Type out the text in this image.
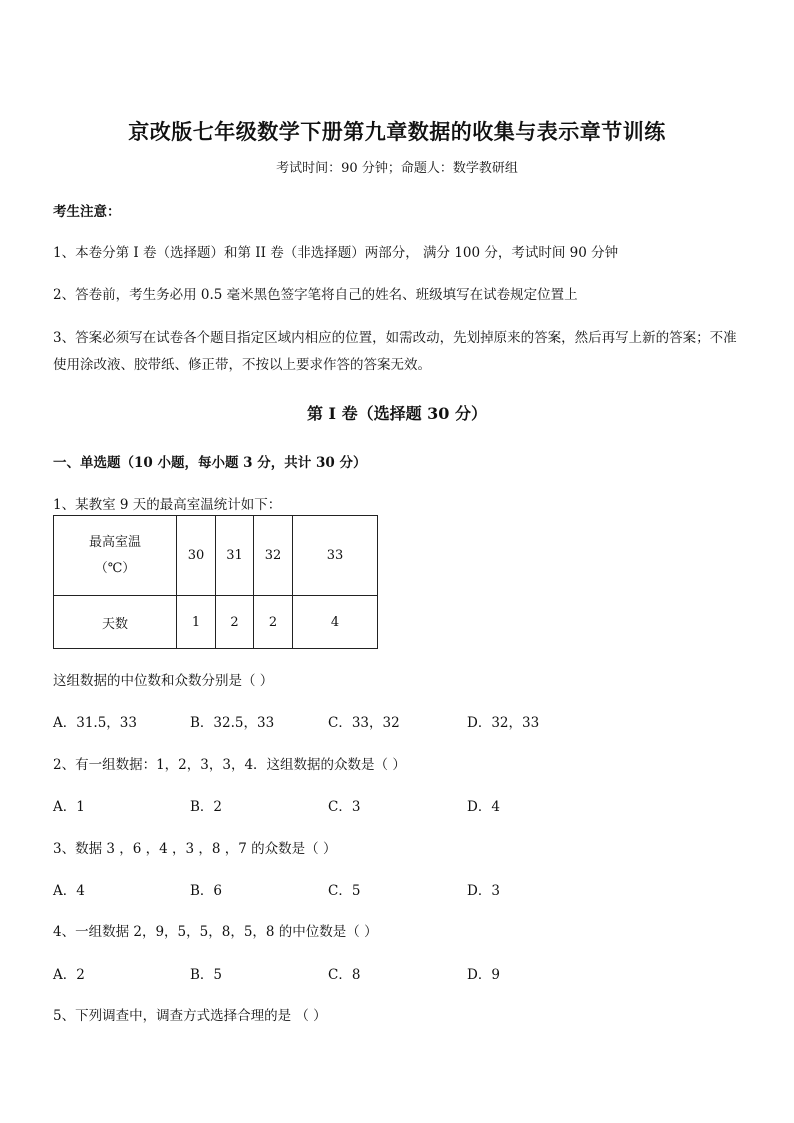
京改版七年级数学下册第九章数据的收集与表示章节训练
考试时间：90 分钟；命题人：数学教研组
考生注意：
1、本卷分第 I 卷（选择题）和第 II 卷（非选择题）两部分， 满分 100 分，考试时间 90 分钟
2、答卷前，考生务必用 0.5 毫米黑色签字笔将自己的姓名、班级填写在试卷规定位置上
3、答案必须写在试卷各个题目指定区域内相应的位置，如需改动，先划掉原来的答案，然后再写上新的答案；不准使用涂改液、胶带纸、修正带，不按以上要求作答的答案无效。
第 I 卷（选择题 30 分）
一、单选题（10 小题，每小题 3 分，共计 30 分）
1、某教室 9 天的最高室温统计如下：
最高室温
（℃）	30	31	32	33
天数	1	2	2	4
这组数据的中位数和众数分别是（ ）
A．31.5，33	B．32.5，33	C．33，32	D．32，33
2、有一组数据：1，2，3，3，4．这组数据的众数是（ ）
A．1	B．2	C．3	D．4
3、数据 3 ，6 ，4 ，3 ，8 ，7 的众数是（ ）
A．4	B．6	C．5	D．3
4、一组数据 2，9，5，5，8，5，8 的中位数是（ ）
A．2	B．5	C．8	D．9
5、下列调查中，调查方式选择合理的是 （ ）
